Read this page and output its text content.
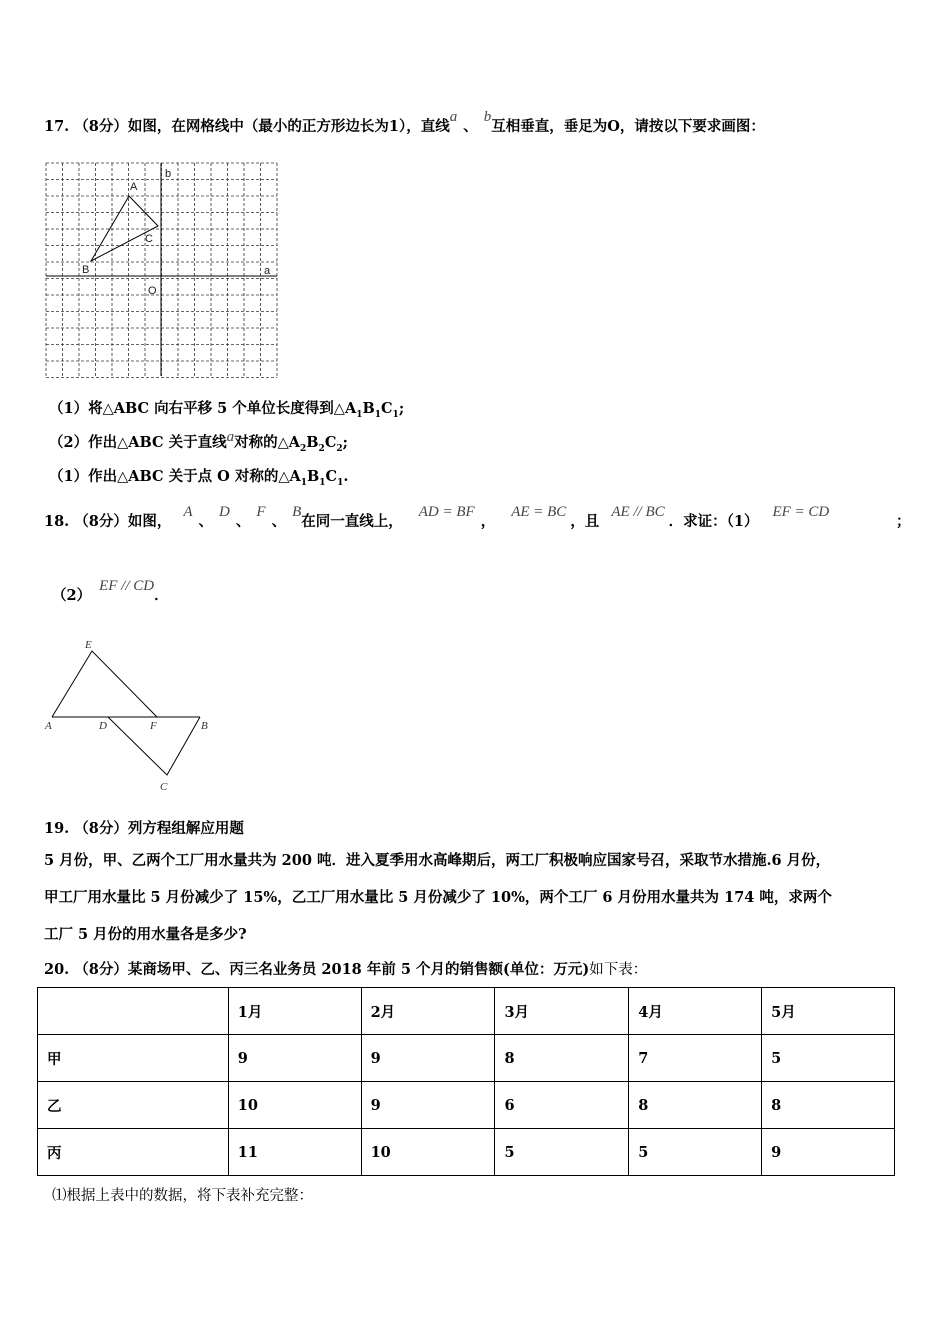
17. （8分）如图，在网格线中（最小的正方形边长为1），直线a、b互相垂直，垂足为O，请按以下要求画图：
A
B
C
O
a
b
（1）将△ABC 向右平移 5 个单位长度得到$\triangle A_1B_1C_1$;
（2）作出△ABC 关于直线a对称的$\triangle A_2B_2C_2$;
（1）作出△ABC 关于点 O 对称的$\triangle A_1B_1C_1$.
18. （8分）如图，A、D、F、B在同一直线上，AD = BF，AE = BC，且AE // BC．求证：（1）EF = CD
；
（2）EF // CD．
E
A	D	F	B
C
19. （8分）列方程组解应用题
5 月份，甲、乙两个工厂用水量共为 200 吨．进入夏季用水高峰期后，两工厂积极响应国家号召，采取节水措施.6 月份，
甲工厂用水量比 5 月份减少了 15%，乙工厂用水量比 5 月份减少了 10%，两个工厂 6 月份用水量共为 174 吨，求两个
工厂 5 月份的用水量各是多少?
20. （8分）某商场甲、乙、丙三名业务员 2018 年前 5 个月的销售额(单位：万元)如下表：
	1月	2月	3月	4月	5月
甲	9	9	8	7	5
乙	10	9	6	8	8
丙	11	10	5	5	9
⑴根据上表中的数据，将下表补充完整：
